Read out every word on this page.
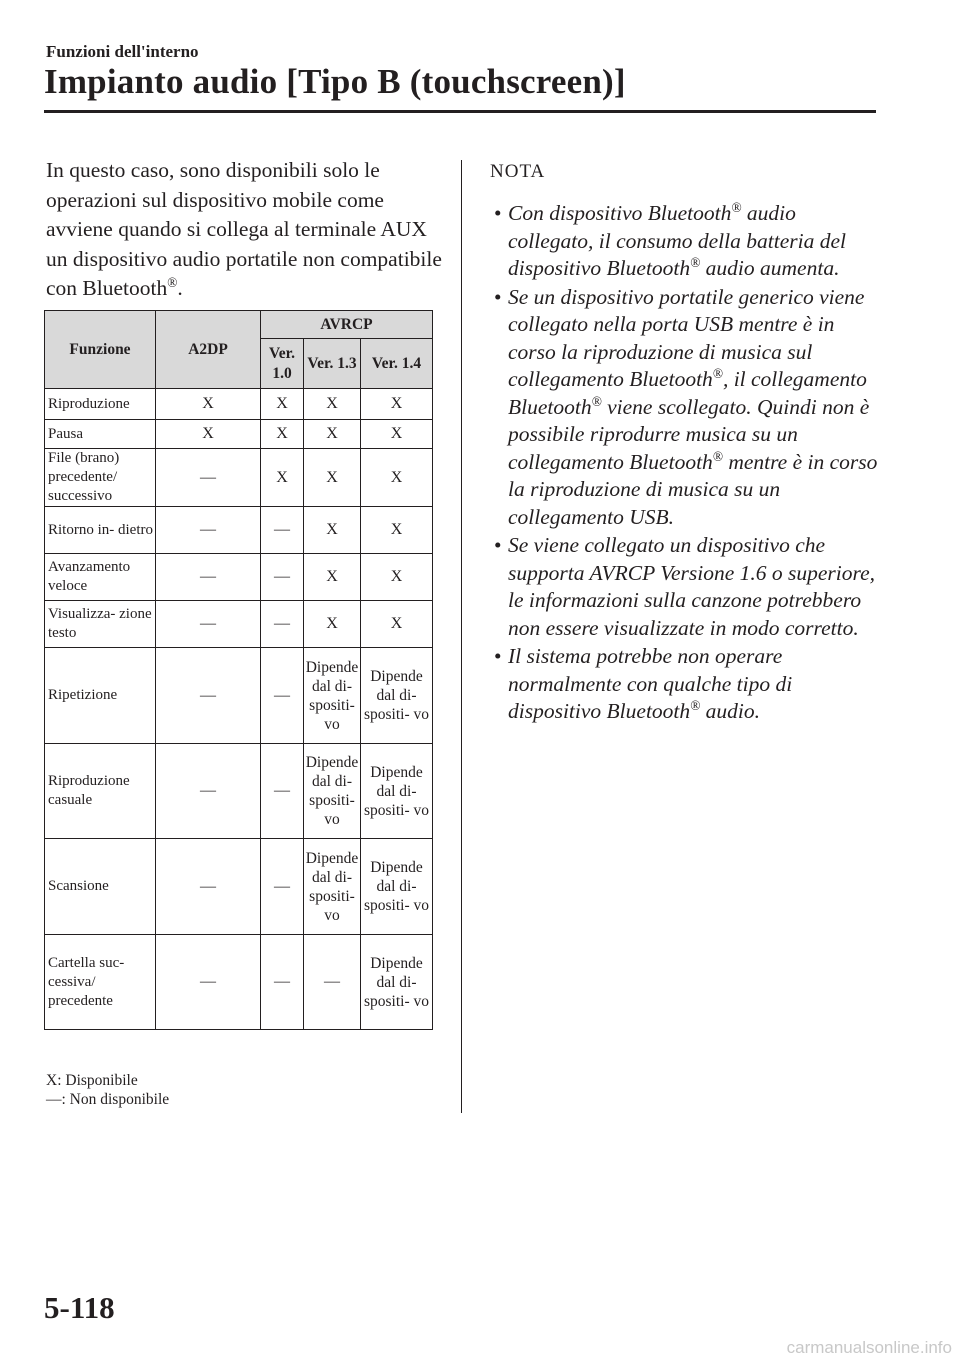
Funzioni dell'interno
Impianto audio [Tipo B (touchscreen)]

In questo caso, sono disponibili solo le operazioni sul dispositivo mobile come avviene quando si collega al terminale AUX un dispositivo audio portatile non compatibile con Bluetooth®.

Funzione	A2DP	AVRCP		
		Ver. 1.0	Ver. 1.3	Ver. 1.4
Riproduzione	X	X	X	X
Pausa	X	X	X	X
File (brano) precedente/ successivo	—	X	X	X
Ritorno in- dietro	—	—	X	X
Avanzamento veloce	—	—	X	X
Visualizza- zione testo	—	—	X	X
Ripetizione	—	—	Dipende dal di- spositi- vo	Dipende dal di- spositi- vo
Riproduzione casuale	—	—	Dipende dal di- spositi- vo	Dipende dal di- spositi- vo
Scansione	—	—	Dipende dal di- spositi- vo	Dipende dal di- spositi- vo
Cartella suc- cessiva/ precedente	—	—	—	Dipende dal di- spositi- vo
X: Disponibile
—: Non disponibile
NOTA
• Con dispositivo Bluetooth® audio collegato, il consumo della batteria del dispositivo Bluetooth® audio aumenta.
• Se un dispositivo portatile generico viene collegato nella porta USB mentre è in corso la riproduzione di musica sul collegamento Bluetooth®, il collegamento Bluetooth® viene scollegato. Quindi non è possibile riprodurre musica su un collegamento Bluetooth® mentre è in corso la riproduzione di musica su un collegamento USB.
• Se viene collegato un dispositivo che supporta AVRCP Versione 1.6 o superiore, le informazioni sulla canzone potrebbero non essere visualizzate in modo corretto.
• Il sistema potrebbe non operare normalmente con qualche tipo di dispositivo Bluetooth® audio.
5-118
carmanualsonline.info
